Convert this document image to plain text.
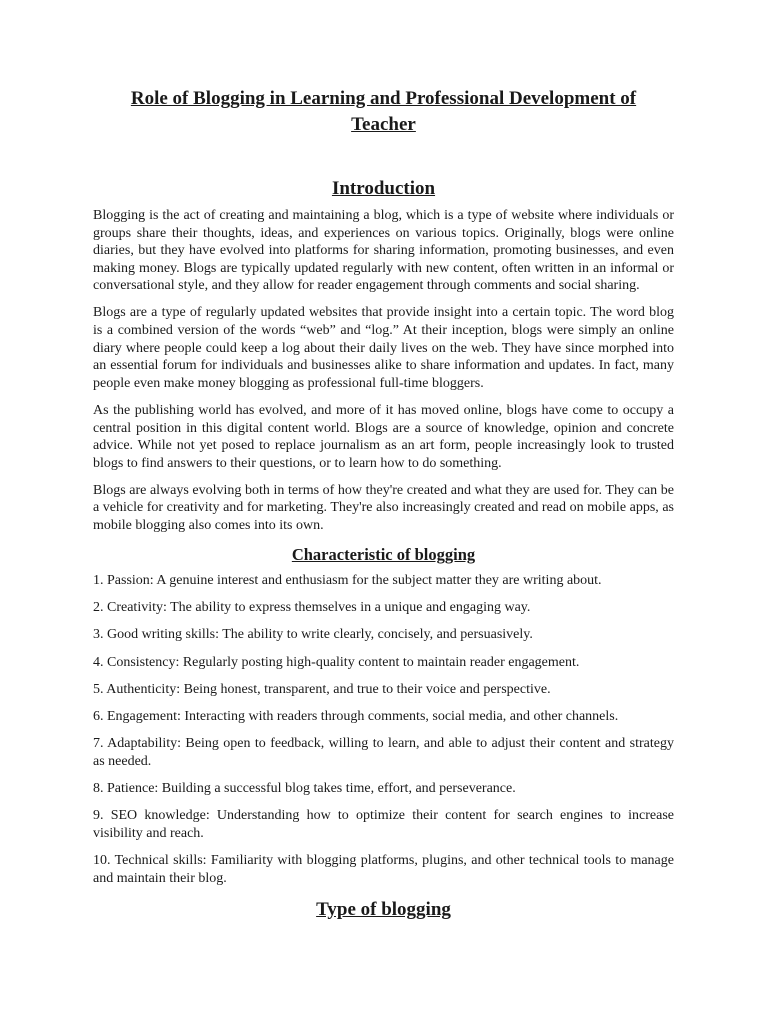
Role of Blogging in Learning and Professional Development of Teacher
Introduction

Blogging is the act of creating and maintaining a blog, which is a type of website where individuals or groups share their thoughts, ideas, and experiences on various topics. Originally, blogs were online diaries, but they have evolved into platforms for sharing information, promoting businesses, and even making money. Blogs are typically updated regularly with new content, often written in an informal or conversational style, and they allow for reader engagement through comments and social sharing.

Blogs are a type of regularly updated websites that provide insight into a certain topic. The word blog is a combined version of the words “web” and “log.” At their inception, blogs were simply an online diary where people could keep a log about their daily lives on the web. They have since morphed into an essential forum for individuals and businesses alike to share information and updates. In fact, many people even make money blogging as professional full-time bloggers.

As the publishing world has evolved, and more of it has moved online, blogs have come to occupy a central position in this digital content world. Blogs are a source of knowledge, opinion and concrete advice. While not yet posed to replace journalism as an art form, people increasingly look to trusted blogs to find answers to their questions, or to learn how to do something.

Blogs are always evolving both in terms of how they're created and what they are used for. They can be a vehicle for creativity and for marketing. They're also increasingly created and read on mobile apps, as mobile blogging also comes into its own.

Characteristic of blogging

1. Passion: A genuine interest and enthusiasm for the subject matter they are writing about.

2. Creativity: The ability to express themselves in a unique and engaging way.

3. Good writing skills: The ability to write clearly, concisely, and persuasively.

4. Consistency: Regularly posting high-quality content to maintain reader engagement.

5. Authenticity: Being honest, transparent, and true to their voice and perspective.

6. Engagement: Interacting with readers through comments, social media, and other channels.

7. Adaptability: Being open to feedback, willing to learn, and able to adjust their content and strategy as needed.

8. Patience: Building a successful blog takes time, effort, and perseverance.

9. SEO knowledge: Understanding how to optimize their content for search engines to increase visibility and reach.

10. Technical skills: Familiarity with blogging platforms, plugins, and other technical tools to manage and maintain their blog.

Type of blogging
